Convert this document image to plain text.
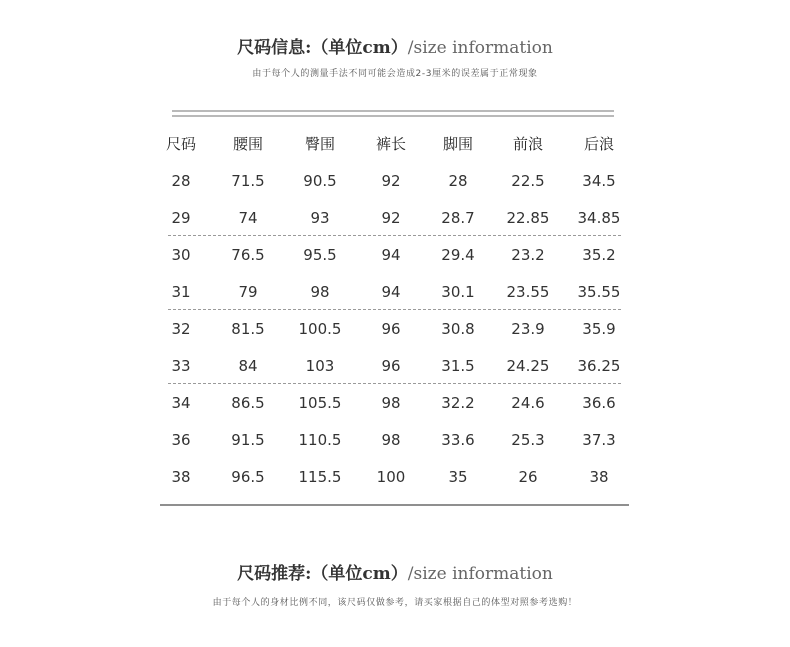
尺码信息:（单位cm）/size information
由于每个人的测量手法不同可能会造成2-3厘米的误差属于正常现象
尺码	腰围	臀围	裤长	脚围	前浪	后浪
28	71.5	90.5	92	28	22.5	34.5
29	74	93	92	28.7	22.85	34.85
30	76.5	95.5	94	29.4	23.2	35.2
31	79	98	94	30.1	23.55	35.55
32	81.5	100.5	96	30.8	23.9	35.9
33	84	103	96	31.5	24.25	36.25
34	86.5	105.5	98	32.2	24.6	36.6
36	91.5	110.5	98	33.6	25.3	37.3
38	96.5	115.5	100	35	26	38
尺码推荐:（单位cm）/size information
由于每个人的身材比例不同，该尺码仅做参考，请买家根据自己的体型对照参考选购！
